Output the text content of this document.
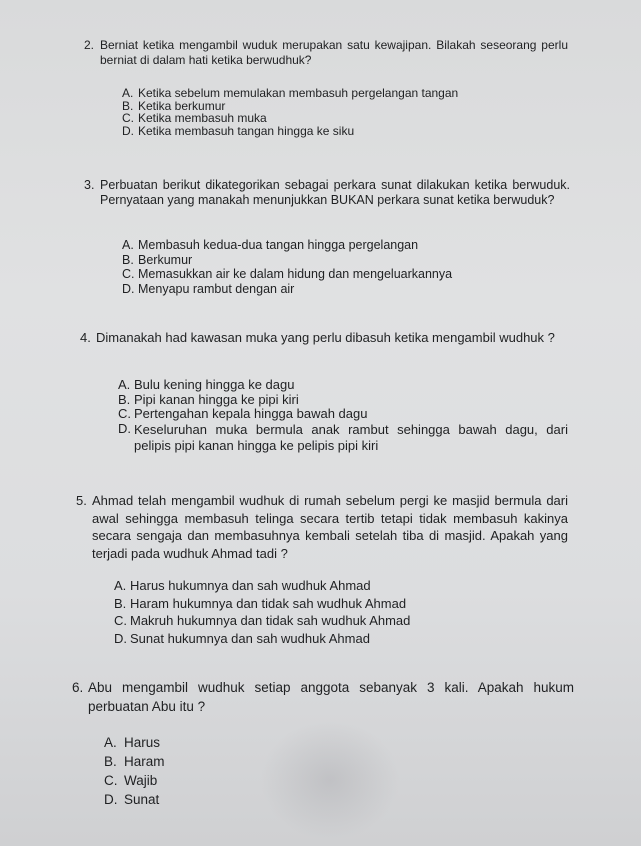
2. Berniat ketika mengambil wuduk merupakan satu kewajipan. Bilakah seseorang perlu berniat di dalam hati ketika berwudhuk?
A. Ketika sebelum memulakan membasuh pergelangan tangan
B. Ketika berkumur
C. Ketika membasuh muka
D. Ketika membasuh tangan hingga ke siku
3. Perbuatan berikut dikategorikan sebagai perkara sunat dilakukan ketika berwuduk. Pernyataan yang manakah menunjukkan BUKAN perkara sunat ketika berwuduk?
A. Membasuh kedua-dua tangan hingga pergelangan
B. Berkumur
C. Memasukkan air ke dalam hidung dan mengeluarkannya
D. Menyapu rambut dengan air
4. Dimanakah had kawasan muka yang perlu dibasuh ketika mengambil wudhuk ?
A. Bulu kening hingga ke dagu
B. Pipi kanan hingga ke pipi kiri
C. Pertengahan kepala hingga bawah dagu
D. Keseluruhan muka bermula anak rambut sehingga bawah dagu, dari pelipis pipi kanan hingga ke pelipis pipi kiri
5. Ahmad telah mengambil wudhuk di rumah sebelum pergi ke masjid bermula dari awal sehingga membasuh telinga secara tertib tetapi tidak membasuh kakinya secara sengaja dan membasuhnya kembali setelah tiba di masjid. Apakah yang terjadi pada wudhuk Ahmad tadi ?
A. Harus hukumnya dan sah wudhuk Ahmad
B. Haram hukumnya dan tidak sah wudhuk Ahmad
C. Makruh hukumnya dan tidak sah wudhuk Ahmad
D. Sunat hukumnya dan sah wudhuk Ahmad
6. Abu mengambil wudhuk setiap anggota sebanyak 3 kali. Apakah hukum perbuatan Abu itu ?
A. Harus
B. Haram
C. Wajib
D. Sunat
